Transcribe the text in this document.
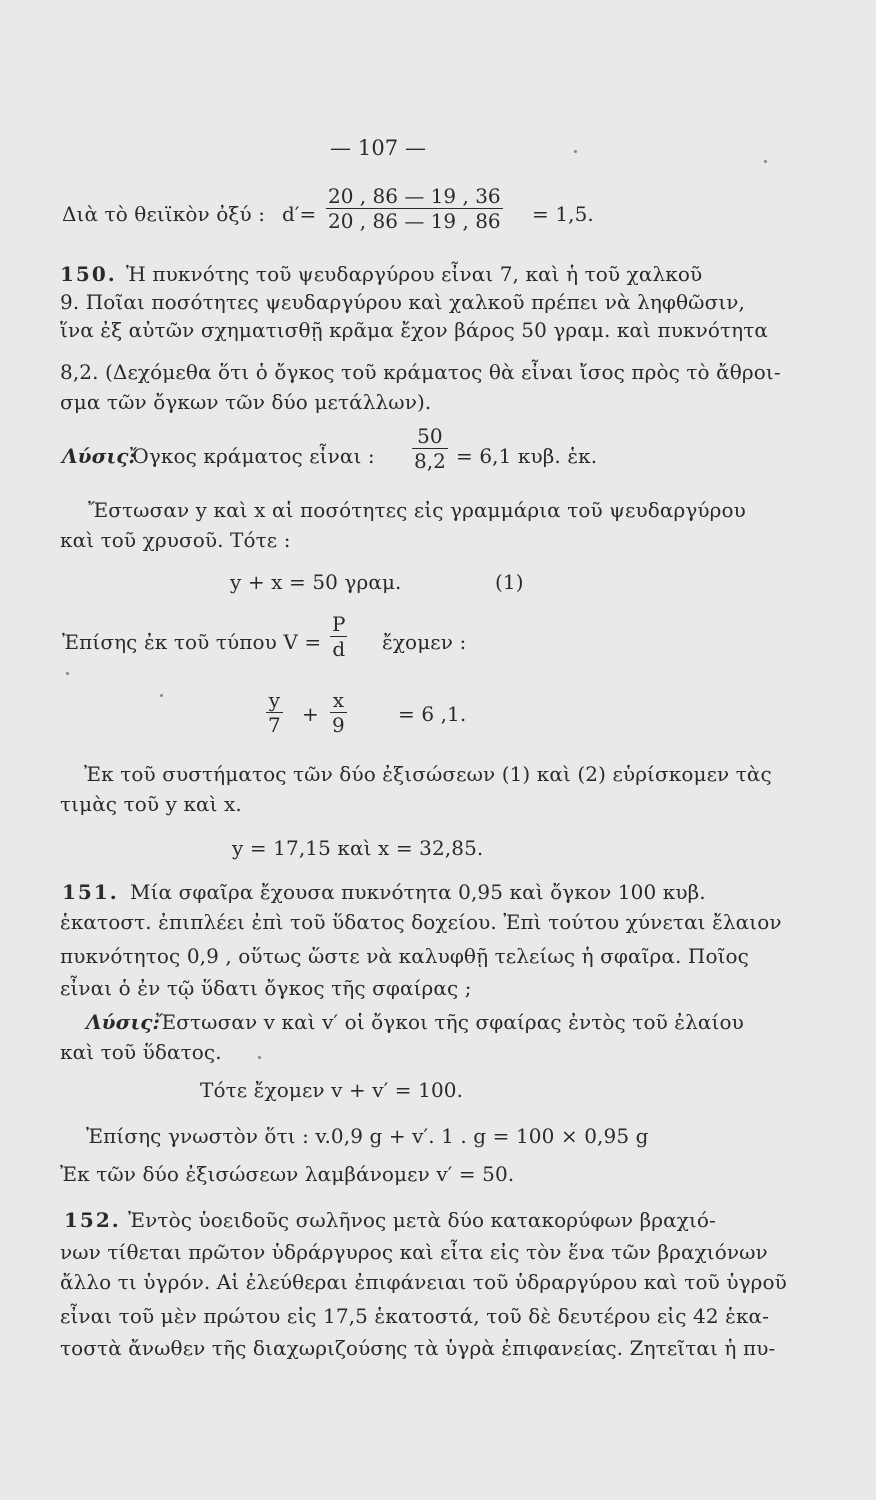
— 107 —
Διὰ τὸ θειϊκὸν ὀξύ : $d'= \frac{20 , 86 — 19 , 36}{20 , 86 — 19 , 86} = 1,5$.
150. Ἡ πυκνότης τοῦ ψευδαργύρου εἶναι 7, καὶ ἡ τοῦ χαλκοῦ
9. Ποῖαι ποσότητες ψευδαργύρου καὶ χαλκοῦ πρέπει νὰ ληφθῶσιν,
ἵνα ἐξ αὐτῶν σχηματισθῇ κρᾶμα ἔχον βάρος 50 γραμ. καὶ πυκνότητα
8,2. (Δεχόμεθα ὅτι ὁ ὄγκος τοῦ κράματος θὰ εἶναι ἴσος πρὸς τὸ ἄθροι-
σμα τῶν ὄγκων τῶν δύο μετάλλων).
Λύσις:
Ὄγκος κράματος εἶναι : $\frac{50}{8,2} = 6,1$ κυβ. ἑκ.
Ἔστωσαν y καὶ x αἱ ποσότητες εἰς γραμμάρια τοῦ ψευδαργύρου
καὶ τοῦ χρυσοῦ. Τότε :
y + x = 50 γραμ.	(1)
Ἐπίσης ἐκ τοῦ τύπου $V = \frac{P}{d}$ ἔχομεν :
$\frac{y}{7} + \frac{x}{9}$	= 6 ,1.
Ἐκ τοῦ συστήματος τῶν δύο ἐξισώσεων (1) καὶ (2) εὑρίσκομεν τὰς
τιμὰς τοῦ y καὶ x.
y = 17,15 καὶ x = 32,85.
151. Μία σφαῖρα ἔχουσα πυκνότητα 0,95 καὶ ὄγκον 100 κυβ.
ἑκατοστ. ἐπιπλέει ἐπὶ τοῦ ὕδατος δοχείου. Ἐπὶ τούτου χύνεται ἔλαιον
πυκνότητος 0,9 , οὕτως ὥστε νὰ καλυφθῇ τελείως ἡ σφαῖρα. Ποῖος
εἶναι ὁ ἐν τῷ ὕδατι ὄγκος τῆς σφαίρας ;
Λύσις:
Ἔστωσαν v καὶ v′ οἱ ὄγκοι τῆς σφαίρας ἐντὸς τοῦ ἐλαίου
καὶ τοῦ ὕδατος.
Τότε ἔχομεν v + v′ = 100.
Ἐπίσης γνωστὸν ὅτι : v.0,9 g + v′. 1 . g = 100 × 0,95 g
Ἐκ τῶν δύο ἐξισώσεων λαμβάνομεν v′ = 50.
152. Ἐντὸς ὑοειδοῦς σωλῆνος μετὰ δύο κατακορύφων βραχιό-
νων τίθεται πρῶτον ὑδράργυρος καὶ εἶτα εἰς τὸν ἕνα τῶν βραχιόνων
ἄλλο τι ὑγρόν. Αἱ ἐλεύθεραι ἐπιφάνειαι τοῦ ὑδραργύρου καὶ τοῦ ὑγροῦ
εἶναι τοῦ μὲν πρώτου εἰς 17,5 ἑκατοστά, τοῦ δὲ δευτέρου εἰς 42 ἑκα-
τοστὰ ἄνωθεν τῆς διαχωριζούσης τὰ ὑγρὰ ἐπιφανείας. Ζητεῖται ἡ πυ-
